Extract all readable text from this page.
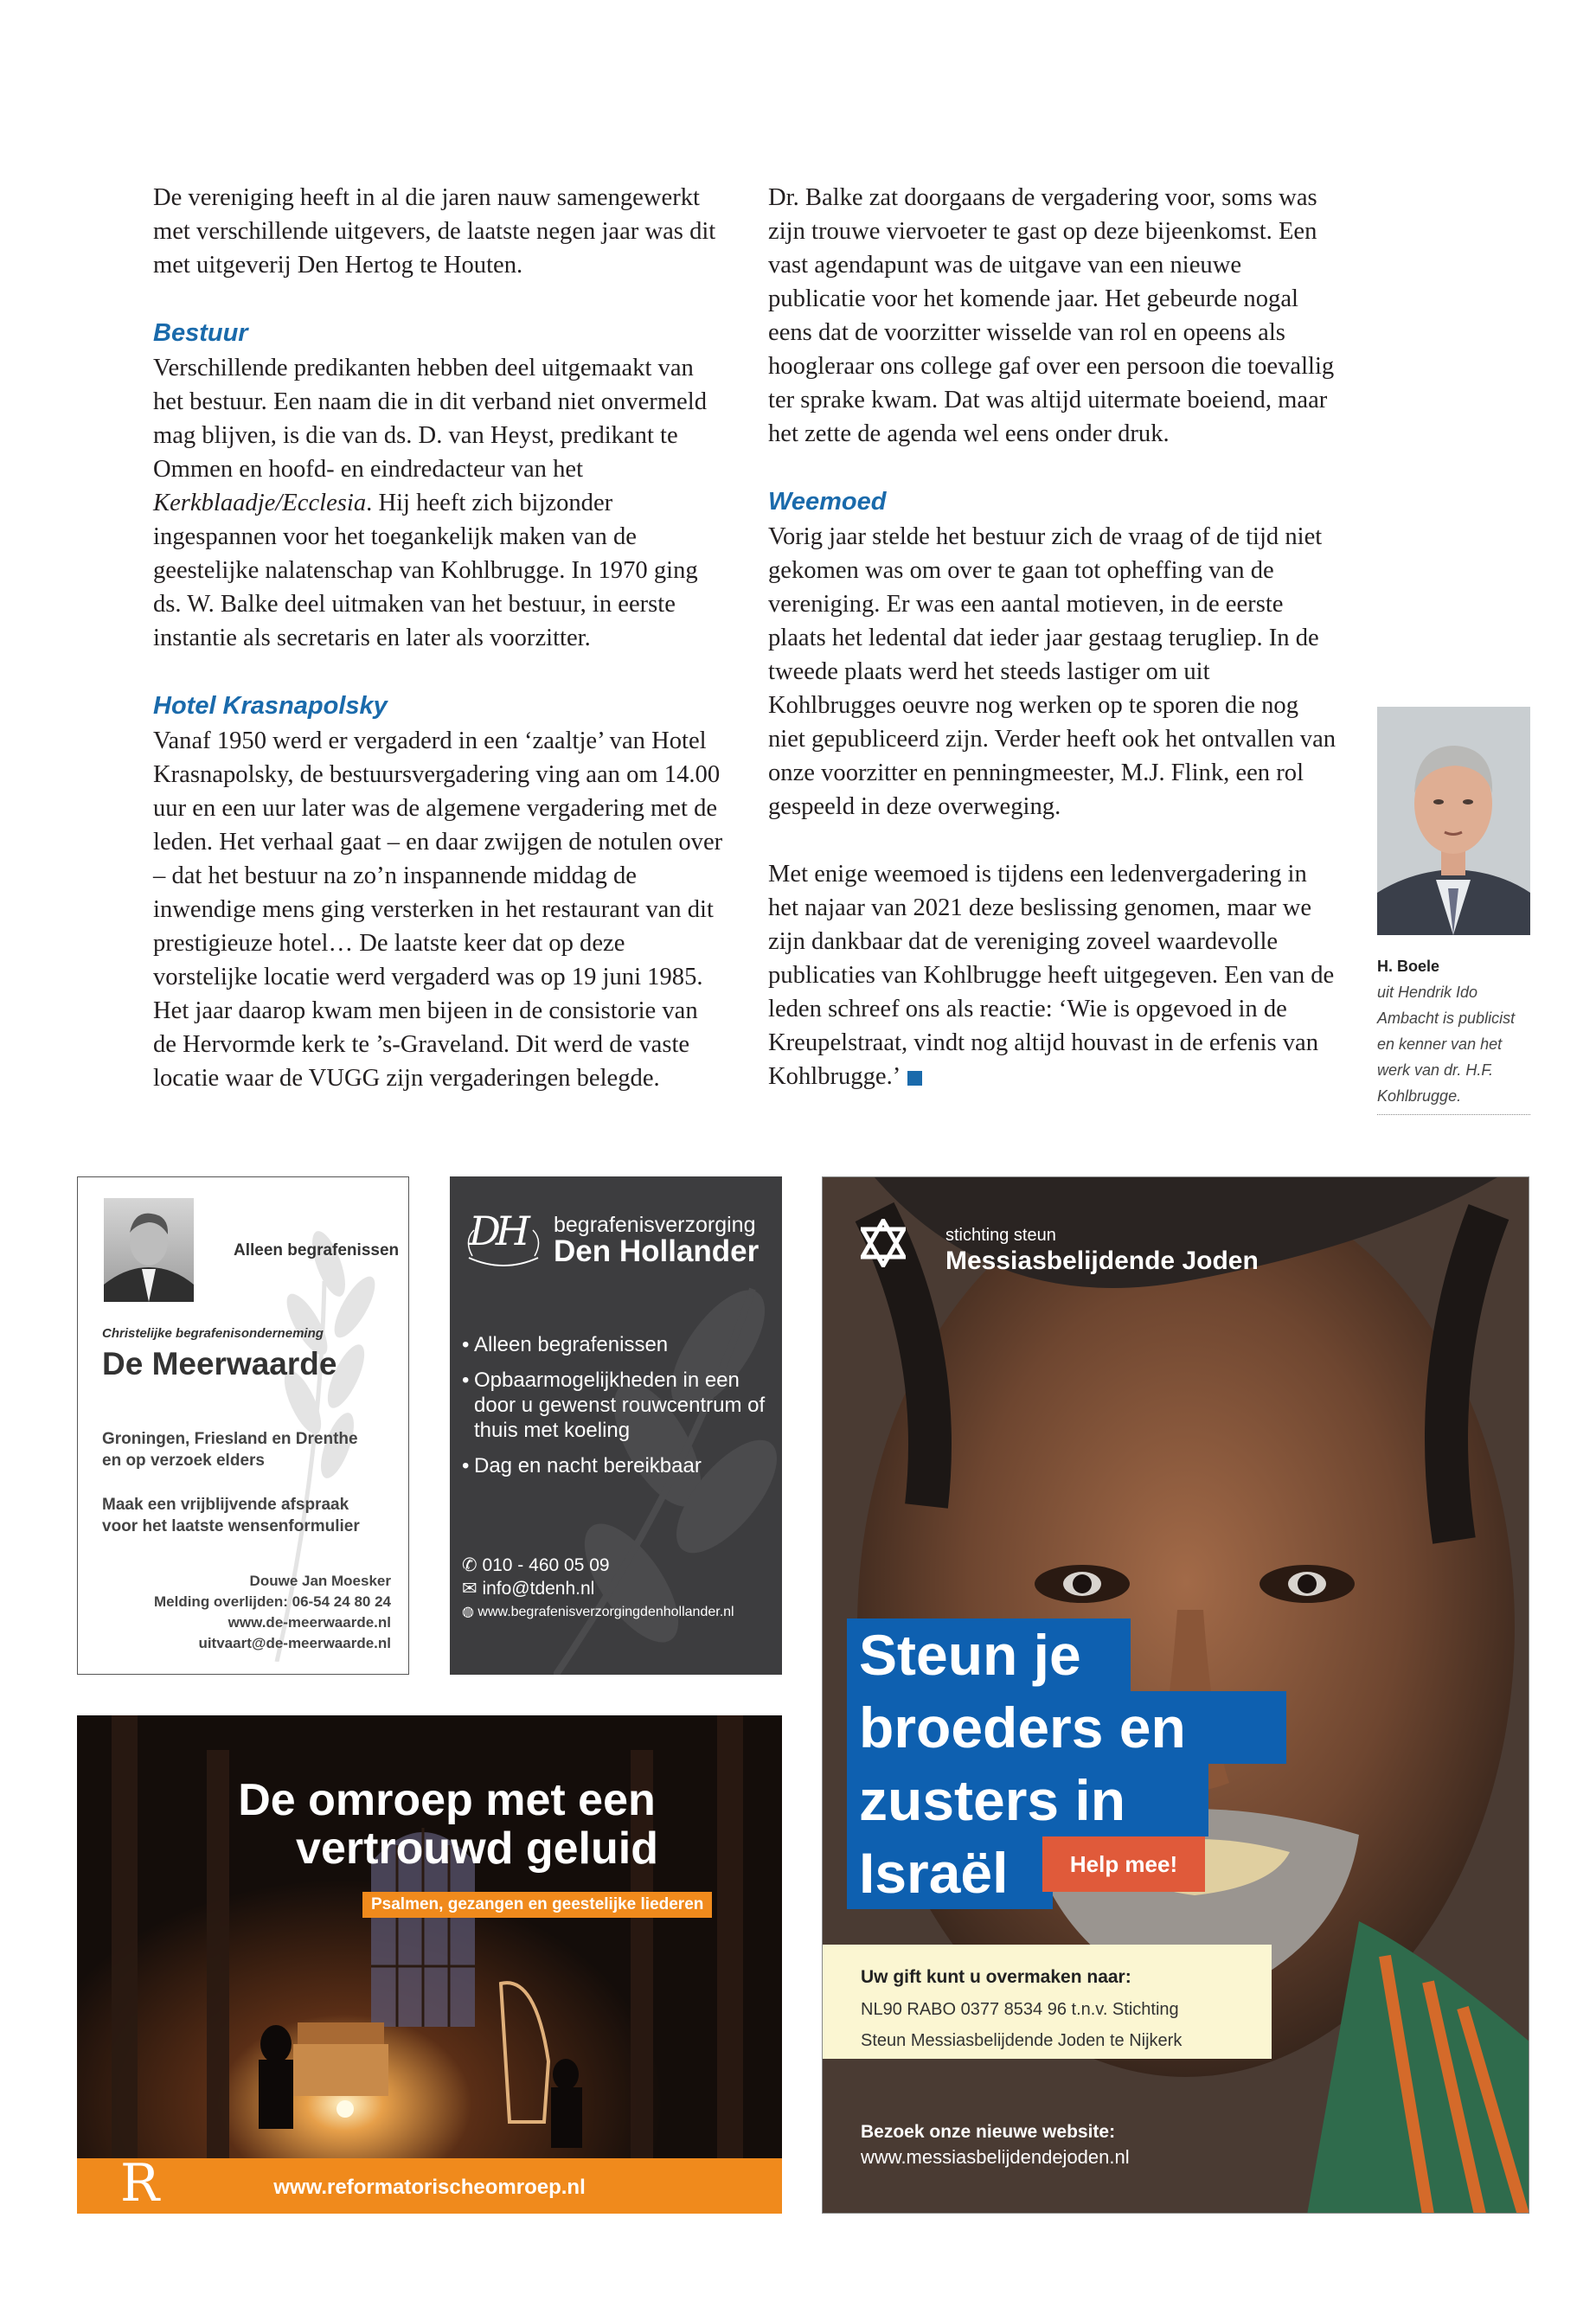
De vereniging heeft in al die jaren nauw samengewerkt met verschillende uitgevers, de laatste negen jaar was dit met uitgeverij Den Hertog te Houten.

Bestuur

Verschillende predikanten hebben deel uitgemaakt van het bestuur. Een naam die in dit verband niet onvermeld mag blijven, is die van ds. D. van Heyst, predikant te Ommen en hoofd- en eindredacteur van het Kerkblaadje/Ecclesia. Hij heeft zich bijzonder ingespannen voor het toegankelijk maken van de geestelijke nalatenschap van Kohlbrugge. In 1970 ging ds. W. Balke deel uitmaken van het bestuur, in eerste instantie als secretaris en later als voorzitter.

Hotel Krasnapolsky

Vanaf 1950 werd er vergaderd in een ‘zaaltje’ van Hotel Krasnapolsky, de bestuursvergadering ving aan om 14.00 uur en een uur later was de algemene vergadering met de leden. Het verhaal gaat – en daar zwijgen de notulen over – dat het bestuur na zo’n inspannende middag de inwendige mens ging versterken in het restaurant van dit prestigieuze hotel… De laatste keer dat op deze vorstelijke locatie werd vergaderd was op 19 juni 1985. Het jaar daarop kwam men bijeen in de consistorie van de Hervormde kerk te ’s-Graveland. Dit werd de vaste locatie waar de VUGG zijn vergaderingen belegde.

Dr. Balke zat doorgaans de vergadering voor, soms was zijn trouwe viervoeter te gast op deze bijeenkomst. Een vast agendapunt was de uitgave van een nieuwe publicatie voor het komende jaar. Het gebeurde nogal eens dat de voorzitter wisselde van rol en opeens als hoogleraar ons college gaf over een persoon die toevallig ter sprake kwam. Dat was altijd uitermate boeiend, maar het zette de agenda wel eens onder druk.

Weemoed

Vorig jaar stelde het bestuur zich de vraag of de tijd niet gekomen was om over te gaan tot opheffing van de vereniging. Er was een aantal motieven, in de eerste plaats het ledental dat ieder jaar gestaag terugliep. In de tweede plaats werd het steeds lastiger om uit Kohlbrugges oeuvre nog werken op te sporen die nog niet gepubliceerd zijn. Verder heeft ook het ontvallen van onze voorzitter en penningmeester, M.J. Flink, een rol gespeeld in deze overweging.

Met enige weemoed is tijdens een ledenvergadering in het najaar van 2021 deze beslissing genomen, maar we zijn dankbaar dat de vereniging zoveel waardevolle publicaties van Kohlbrugge heeft uitgegeven. Een van de leden schreef ons als reactie: ‘Wie is opgevoed in de Kreupelstraat, vindt nog altijd houvast in de erfenis van Kohlbrugge.’

H. Boele
uit Hendrik Ido Ambacht is publicist en kenner van het werk van dr. H.F. Kohlbrugge.
Alleen begrafenissen
Christelijke begrafenisonderneming
De Meerwaarde
Groningen, Friesland en Drenthe en op verzoek elders
Maak een vrijblijvende afspraak voor het laatste wensenformulier
Douwe Jan Moesker
Melding overlijden: 06-54 24 80 24
www.de-meerwaarde.nl
uitvaart@de-meerwaarde.nl
DH begrafenisverzorging
Den Hollander
• Alleen begrafenissen
• Opbaarmogelijkheden in een door u gewenst rouwcentrum of thuis met koeling
• Dag en nacht bereikbaar
✆ 010 - 460 05 09
✉ info@tdenh.nl
◍ www.begrafenisverzorgingdenhollander.nl
De omroep met een
vertrouwd geluid
Psalmen, gezangen en geestelijke liederen
R	www.reformatorischeomroep.nl
stichting steun
Messiasbelijdende Joden
Steun je
broeders en
zusters in
Israël	Help mee!
Uw gift kunt u overmaken naar:
NL90 RABO 0377 8534 96 t.n.v. Stichting
Steun Messiasbelijdende Joden te Nijkerk
Bezoek onze nieuwe website:
www.messiasbelijdendejoden.nl
